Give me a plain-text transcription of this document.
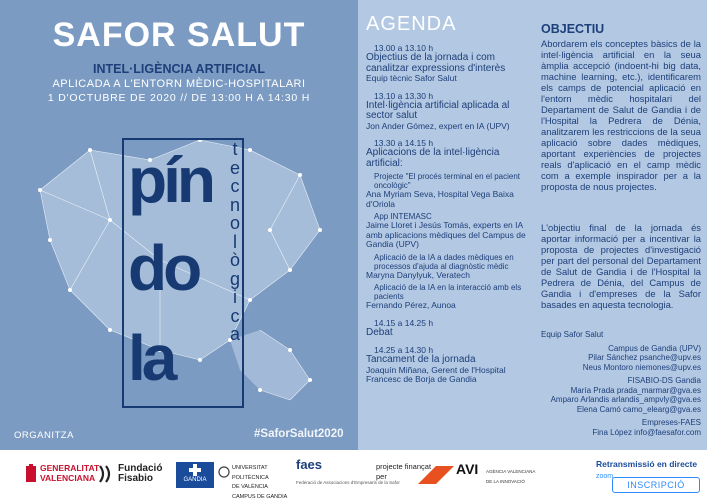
SAFOR SALUT
INTEL·LIGÈNCIA ARTIFICIAL
APLICADA A L'ENTORN MÈDIC-HOSPITALARI
1 D'OCTUBRE DE 2020 // DE 13:00 H A 14:30 H
pín
do
la
t
e
c
n
o
l
ò
g
i
c
a
ORGANITZA	#SaforSalut2020
AGENDA
13.00 a 13.10 h
Objectius de la jornada i com canalitzar expressions d'interès
Equip tècnic Safor Salut
13.10 a 13.30 h
Intel·ligència artificial aplicada al sector salut
Jon Ander Gómez, expert en IA (UPV)
13.30 a 14.15 h
Aplicacions de la intel·ligència artificial:
Projecte "El procés terminal en el pacient oncològic"
Ana Myriam Seva, Hospital Vega Baixa d'Oriola
App INTEMASC
Jaime Lloret i Jesús Tomás, experts en IA amb aplicacions mèdiques del Campus de Gandia (UPV)
Aplicació de la IA a dades mèdiques en processos d'ajuda al diagnòstic mèdic
Maryna Danylyuk, Veratech
Aplicació de la IA en la interacció amb els pacients
Fernando Pérez, Aunoa
14.15 a 14.25 h
Debat
14.25 a 14.30 h
Tancament de la jornada
Joaquín Miñana, Gerent de l'Hospital Francesc de Borja de Gandia
OBJECTIU
Abordarem els conceptes bàsics de la intel·ligència artificial en la seua àmplia accepció (indoent-hi big data, machine learning, etc.), identificarem els camps de potencial aplicació en l'entorn mèdic hospitalari del Departament de Salut de Gandia i de l'Hospital la Pedrera de Dénia, analitzarem les restriccions de la seua aplicació sobre dades mèdiques, aportant experiències de projectes reals d'aplicació en el camp mèdic com a exemple inspirador per a la proposta de nous projectes.
L'objectiu final de la jornada és aportar informació per a incentivar la proposta de projectes d'investigació per part del personal del Departament de Salut de Gandia i de l'Hospital la Pedrera de Dénia, del Campus de Gandia i d'empreses de la Safor basades en aquesta tecnologia.
Equip Safor Salut
Campus de Gandia (UPV)
Pilar Sánchez psanche@upv.es
Neus Montoro niemones@upv.es
FISABIO-DS Gandia
María Prada prada_marmar@gva.es
Amparo Arlandis arlandis_ampvly@gva.es
Elena Camó camo_elearg@gva.es
Empreses-FAES
Fina López info@faesafor.com
GENERALITAT
VALENCIANA
Fundació
Fisabio	GANDIA
UNIVERSITAT
POLITÈCNICA
DE VALÈNCIA
CAMPUS DE GANDIA
faes
Federació de Associacions d'Empresaris de la Safor
projecte finançat
per	AVI AGÈNCIA VALENCIANA
DE LA INNOVACIÓ
Retransmissió en directe
zoom
INSCRIPCIÓ
